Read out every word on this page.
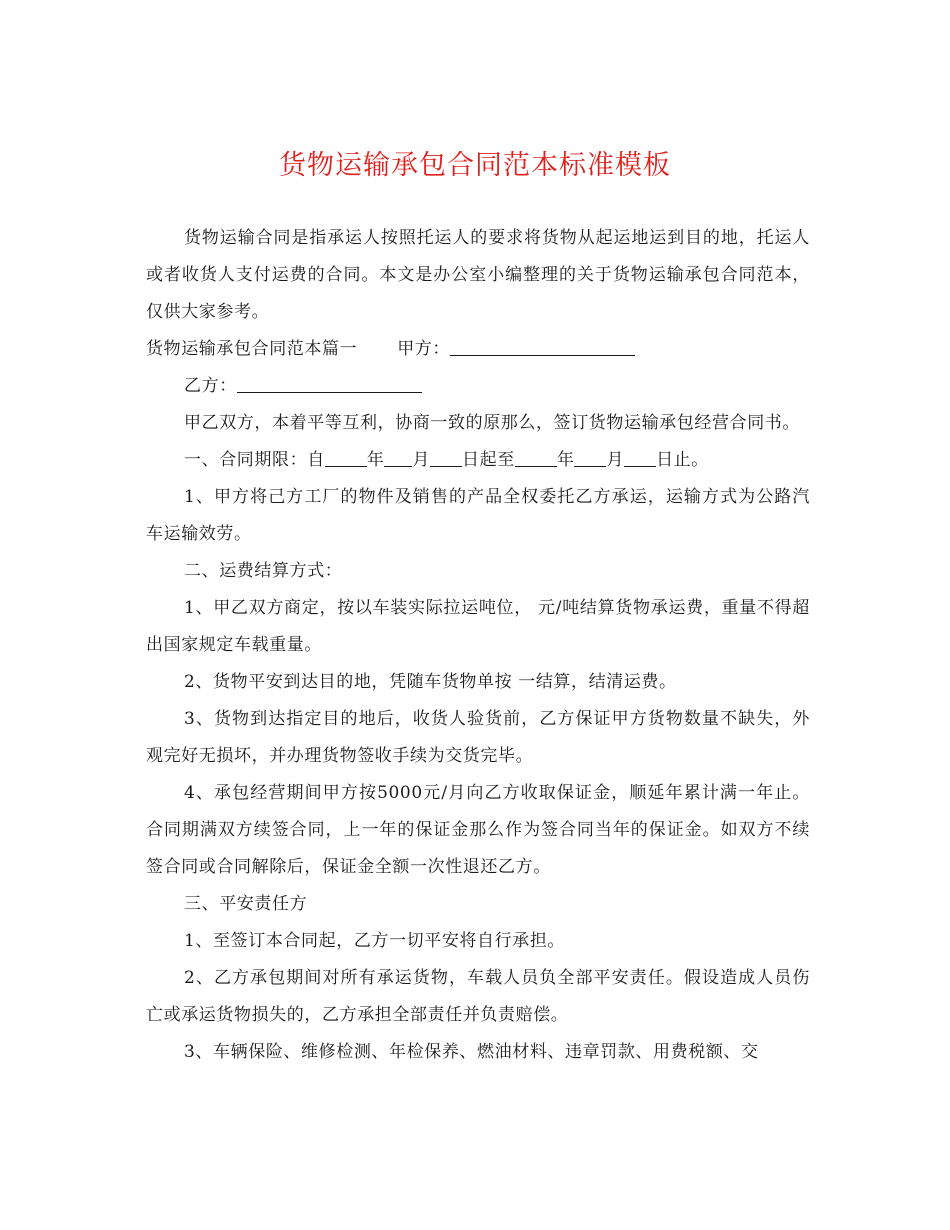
货物运输承包合同范本标准模板

货物运输合同是指承运人按照托运人的要求将货物从起运地运到目的地，托运人或者收货人支付运费的合同。本文是办公室小编整理的关于货物运输承包合同范本，仅供大家参考。

货物运输承包合同范本篇一 甲方：

乙方：

甲乙双方，本着平等互利，协商一致的原那么，签订货物运输承包经营合同书。

一、合同期限：自 年 月 日起至 年 月 日止。

1、甲方将己方工厂的物件及销售的产品全权委托乙方承运，运输方式为公路汽车运输效劳。

二、运费结算方式：

1、甲乙双方商定，按以车装实际拉运吨位， 元/吨结算货物承运费，重量不得超出国家规定车载重量。

2、货物平安到达目的地，凭随车货物单按 一结算，结清运费。

3、货物到达指定目的地后，收货人验货前，乙方保证甲方货物数量不缺失，外观完好无损坏，并办理货物签收手续为交货完毕。

4、承包经营期间甲方按5000元/月向乙方收取保证金，顺延年累计满一年止。合同期满双方续签合同，上一年的保证金那么作为签合同当年的保证金。如双方不续签合同或合同解除后，保证金全额一次性退还乙方。

三、平安责任方

1、至签订本合同起，乙方一切平安将自行承担。

2、乙方承包期间对所有承运货物，车载人员负全部平安责任。假设造成人员伤亡或承运货物损失的，乙方承担全部责任并负责赔偿。

3、车辆保险、维修检测、年检保养、燃油材料、违章罚款、用费税额、交
